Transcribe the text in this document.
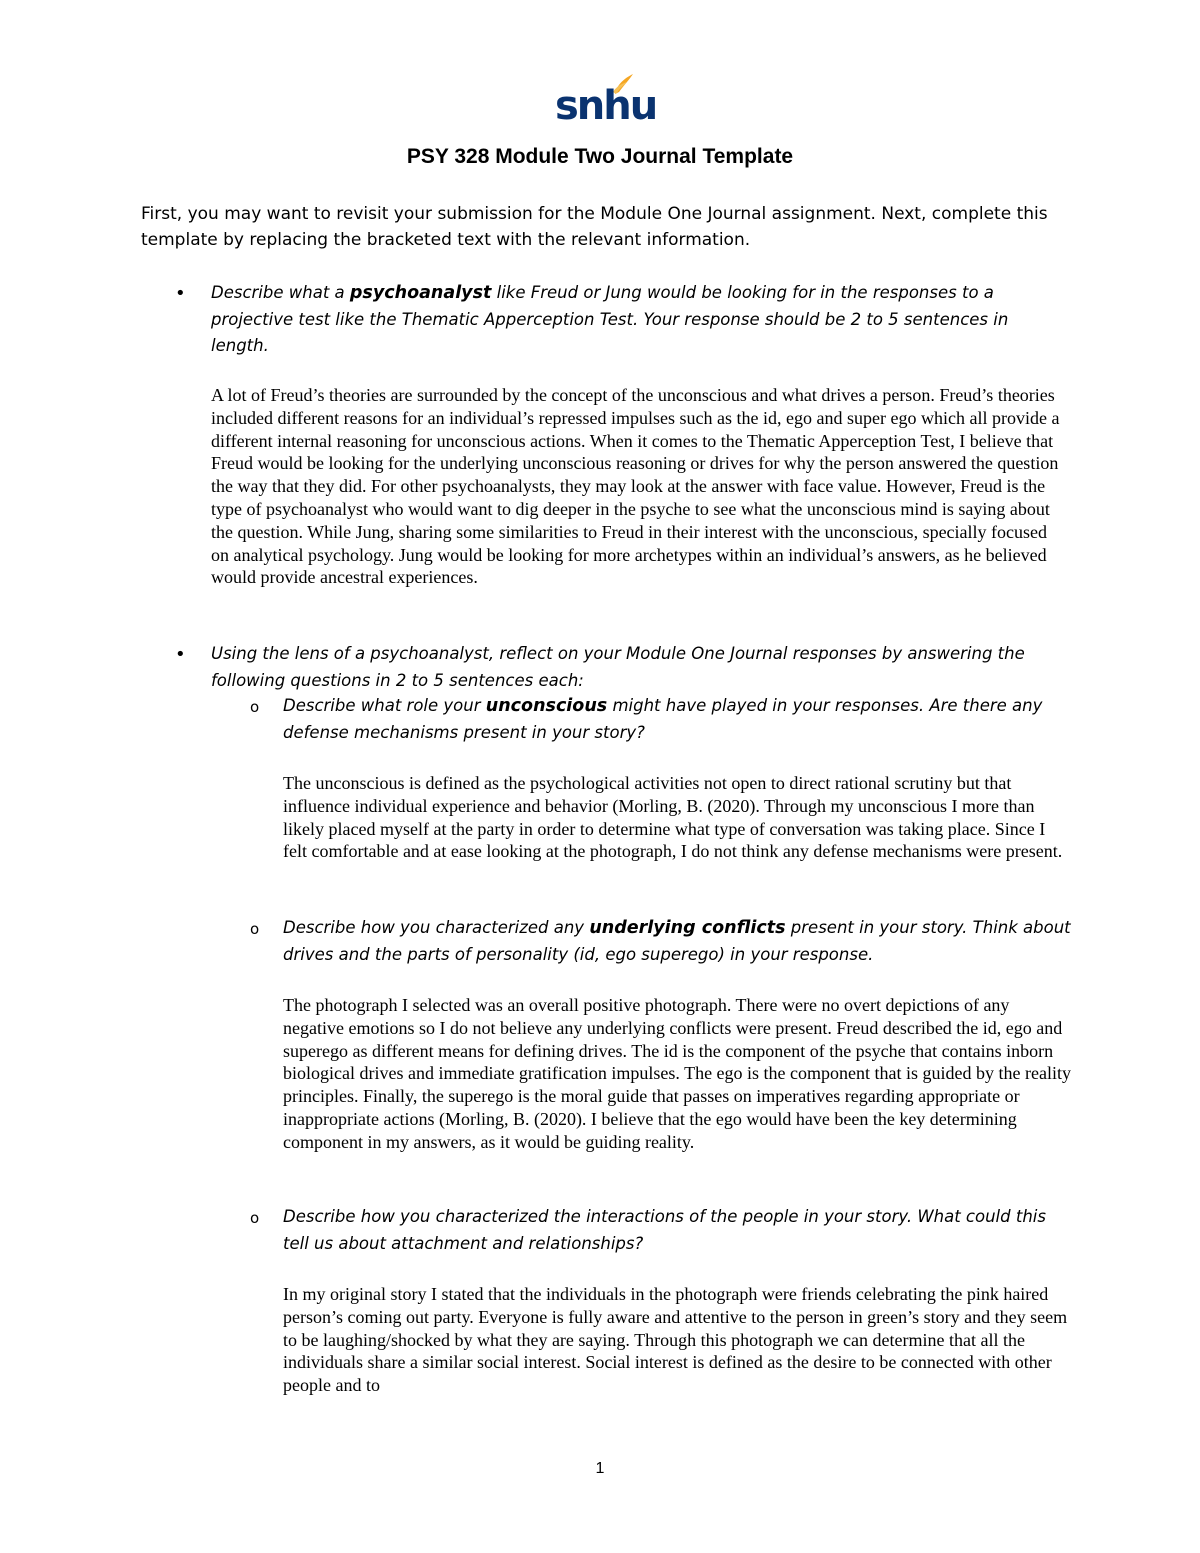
snhu
PSY 328 Module Two Journal Template
First, you may want to revisit your submission for the Module One Journal assignment. Next, complete this template by replacing the bracketed text with the relevant information.
• Describe what a psychoanalyst like Freud or Jung would be looking for in the responses to a projective test like the Thematic Apperception Test. Your response should be 2 to 5 sentences in length.
A lot of Freud’s theories are surrounded by the concept of the unconscious and what drives a person. Freud’s theories included different reasons for an individual’s repressed impulses such as the id, ego and super ego which all provide a different internal reasoning for unconscious actions. When it comes to the Thematic Apperception Test, I believe that Freud would be looking for the underlying unconscious reasoning or drives for why the person answered the question the way that they did. For other psychoanalysts, they may look at the answer with face value. However, Freud is the type of psychoanalyst who would want to dig deeper in the psyche to see what the unconscious mind is saying about the question. While Jung, sharing some similarities to Freud in their interest with the unconscious, specially focused on analytical psychology. Jung would be looking for more archetypes within an individual’s answers, as he believed would provide ancestral experiences.
• Using the lens of a psychoanalyst, reflect on your Module One Journal responses by answering the following questions in 2 to 5 sentences each:
o Describe what role your unconscious might have played in your responses. Are there any defense mechanisms present in your story?
The unconscious is defined as the psychological activities not open to direct rational scrutiny but that influence individual experience and behavior (Morling, B. (2020). Through my unconscious I more than likely placed myself at the party in order to determine what type of conversation was taking place. Since I felt comfortable and at ease looking at the photograph, I do not think any defense mechanisms were present.
o Describe how you characterized any underlying conflicts present in your story. Think about drives and the parts of personality (id, ego superego) in your response.
The photograph I selected was an overall positive photograph. There were no overt depictions of any negative emotions so I do not believe any underlying conflicts were present. Freud described the id, ego and superego as different means for defining drives. The id is the component of the psyche that contains inborn biological drives and immediate gratification impulses. The ego is the component that is guided by the reality principles. Finally, the superego is the moral guide that passes on imperatives regarding appropriate or inappropriate actions (Morling, B. (2020). I believe that the ego would have been the key determining component in my answers, as it would be guiding reality.
o Describe how you characterized the interactions of the people in your story. What could this tell us about attachment and relationships?
In my original story I stated that the individuals in the photograph were friends celebrating the pink haired person’s coming out party. Everyone is fully aware and attentive to the person in green’s story and they seem to be laughing/shocked by what they are saying. Through this photograph we can determine that all the individuals share a similar social interest. Social interest is defined as the desire to be connected with other people and to
1
